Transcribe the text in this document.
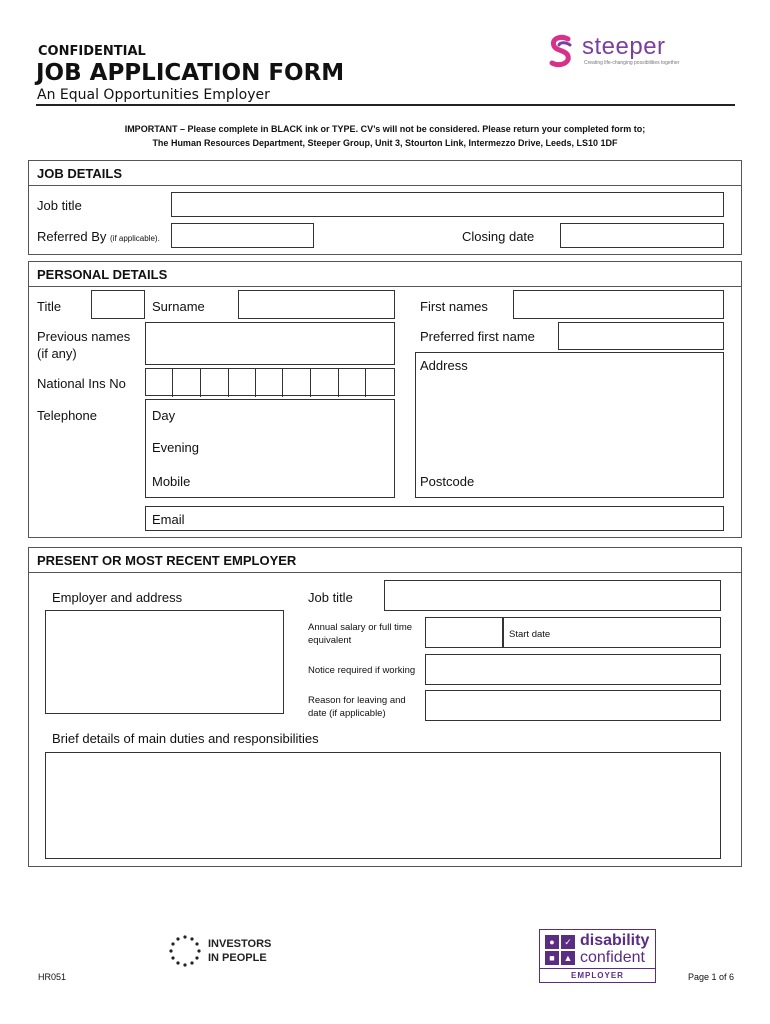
CONFIDENTIAL
JOB APPLICATION FORM
An Equal Opportunities Employer
steeper
Creating life-changing possibilities together
IMPORTANT – Please complete in BLACK ink or TYPE. CV’s will not be considered. Please return your completed form to;
The Human Resources Department, Steeper Group, Unit 3, Stourton Link, Intermezzo Drive, Leeds, LS10 1DF
JOB DETAILS
Job title
Referred By (if applicable).	Closing date
PERSONAL DETAILS
Title	Surname	First names
Previous names
(if any)
Preferred first name
Address
Postcode
National Ins No
Telephone	Day
Evening
Mobile
Email
PRESENT OR MOST RECENT EMPLOYER
Employer and address	Job title
Annual salary or full time
equivalent
Start date
Notice required if working
Reason for leaving and
date (if applicable)
Brief details of main duties and responsibilities
HR051
INVESTORS
IN PEOPLE
●	✓
■ ▲
disability
confident
EMPLOYER	Page 1 of 6
